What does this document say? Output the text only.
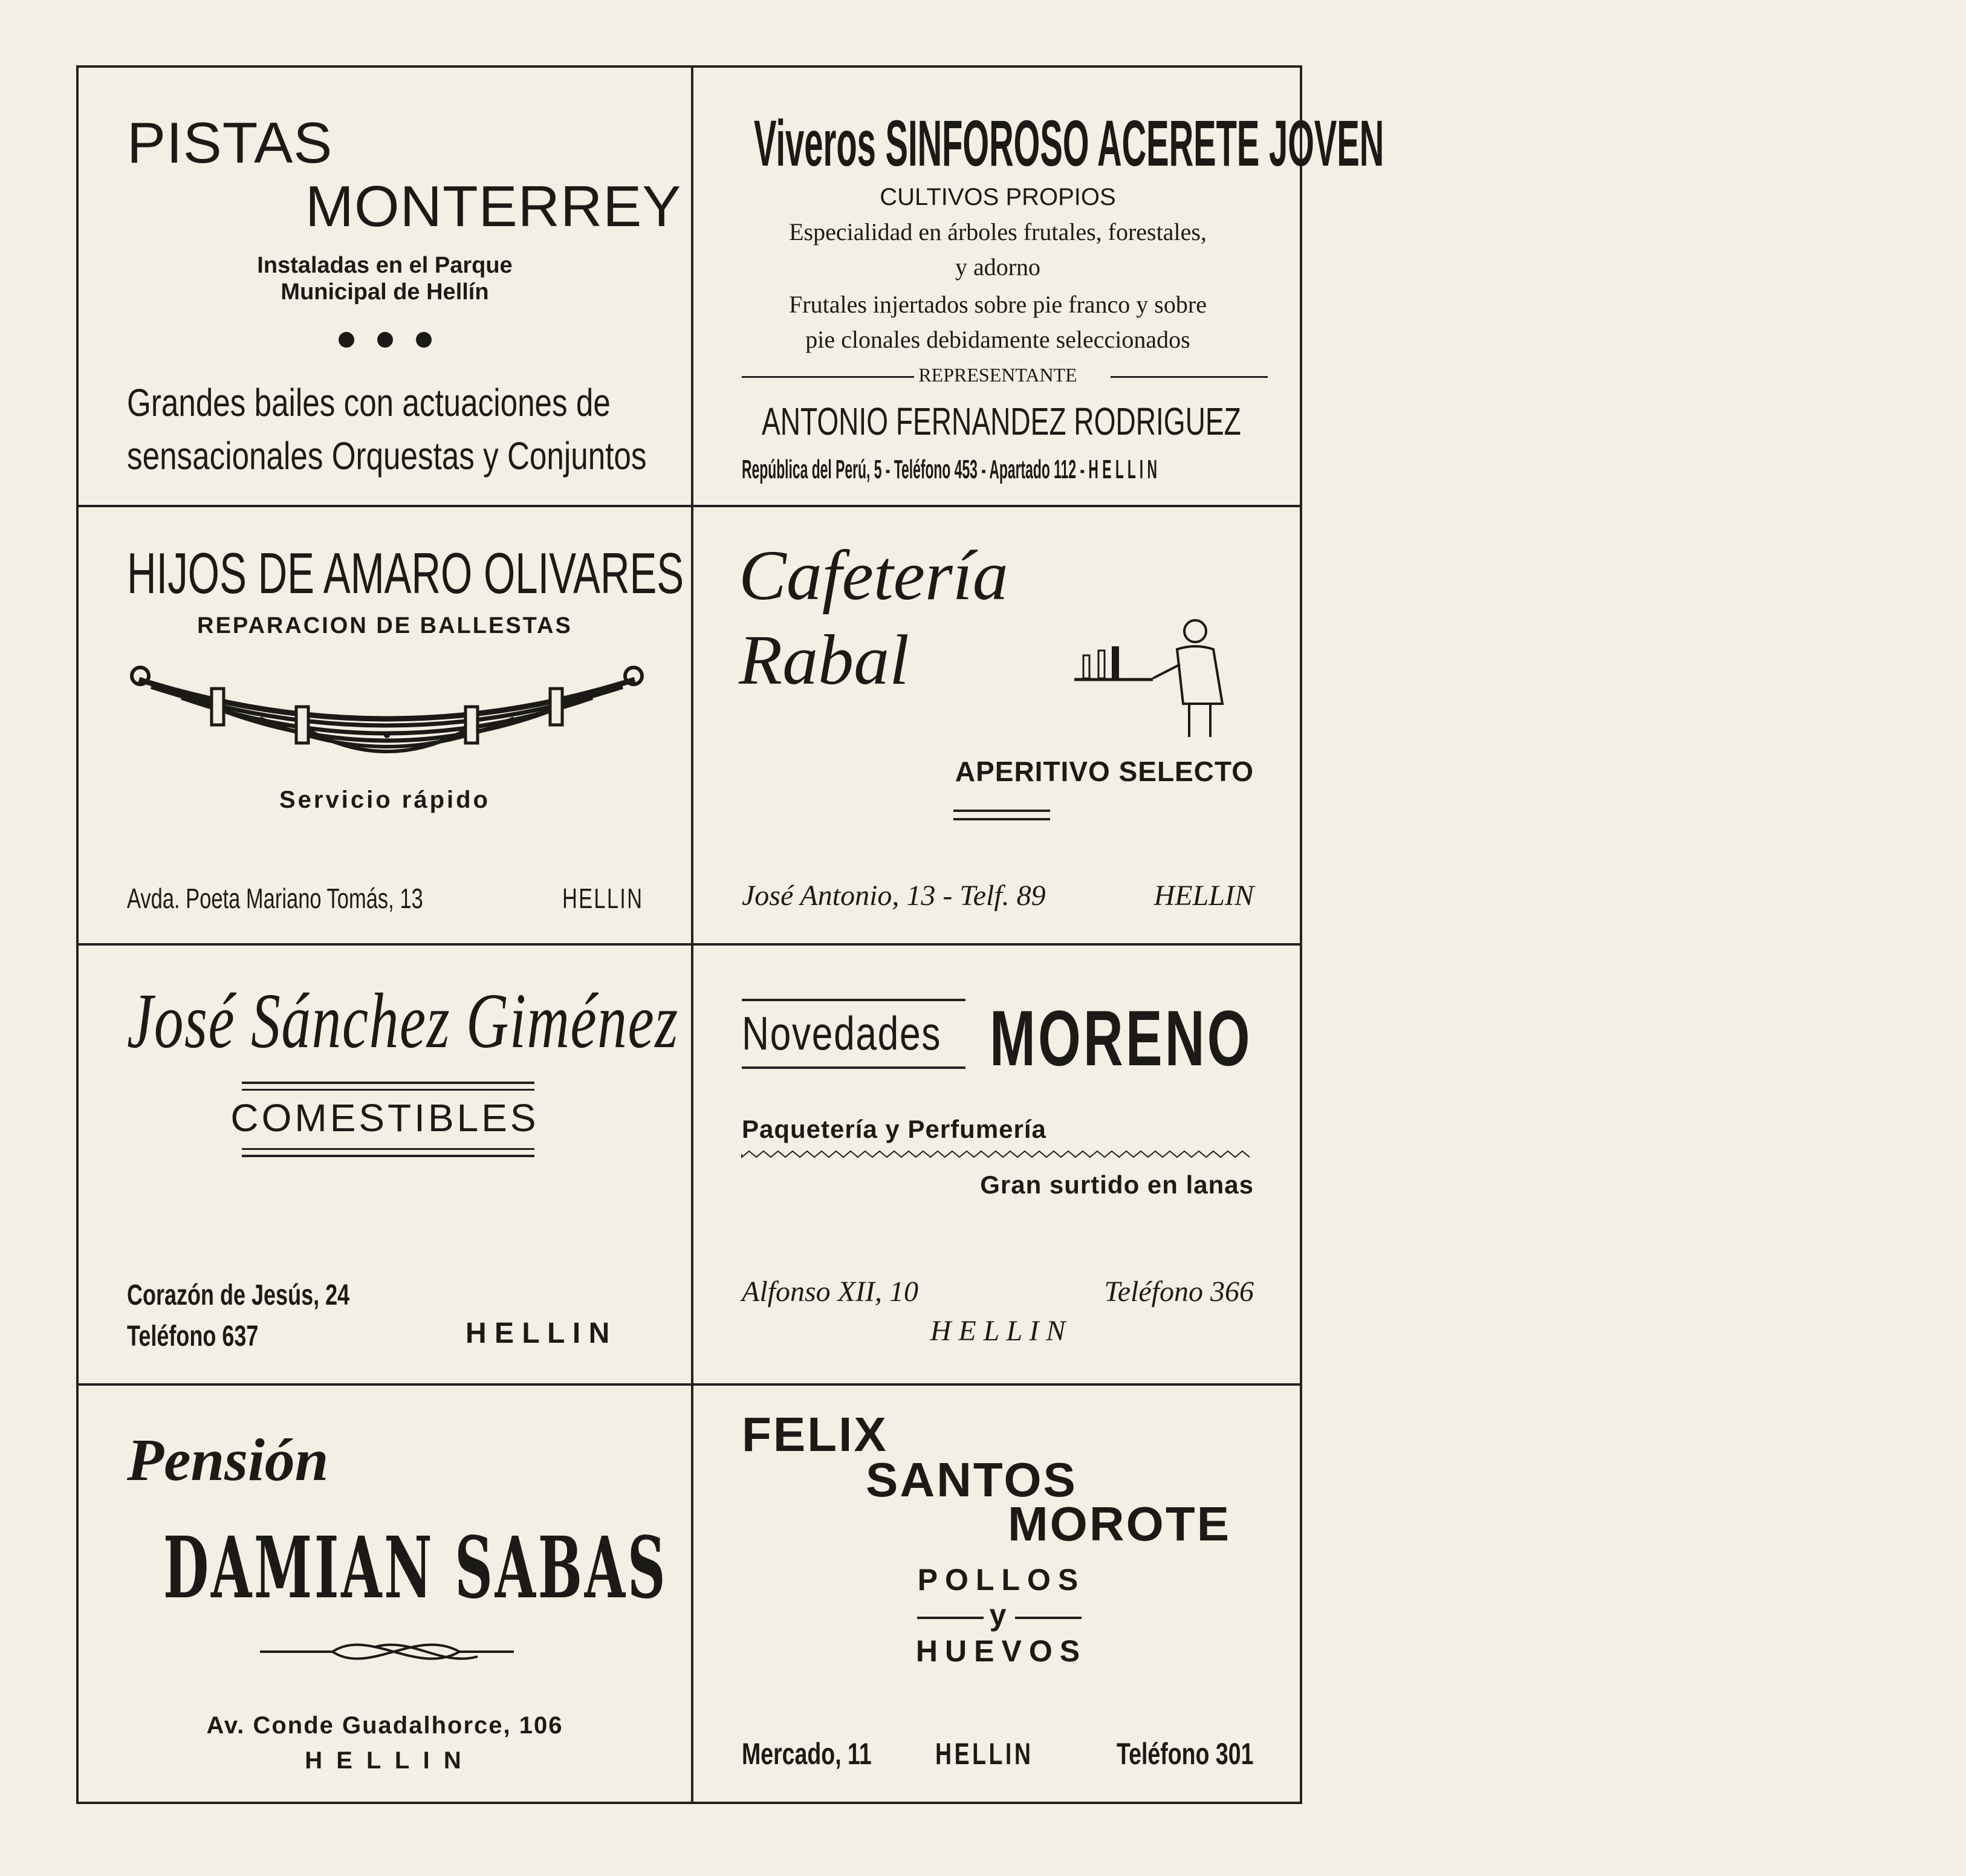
PISTAS
MONTERREY
Instaladas en el Parque
Municipal de Hellín
Grandes bailes con actuaciones de
sensacionales Orquestas y Conjuntos
Viveros SINFOROSO ACERETE JOVEN
CULTIVOS PROPIOS
Especialidad en árboles frutales, forestales,
y adorno
Frutales injertados sobre pie franco y sobre
pie clonales debidamente seleccionados
REPRESENTANTE
ANTONIO FERNANDEZ RODRIGUEZ
República del Perú, 5 - Teléfono 453 - Apartado 112 - H E L L I N
HIJOS DE AMARO OLIVARES
REPARACION DE BALLESTAS
Servicio rápido
Avda. Poeta Mariano Tomás, 13	HELLIN
Cafetería
Rabal
APERITIVO SELECTO
José Antonio, 13 - Telf. 89	HELLIN
José Sánchez Giménez
COMESTIBLES
Corazón de Jesús, 24
Teléfono 637	H E L L I N
Novedades MORENO
Paquetería y Perfumería
Gran surtido en lanas
Alfonso XII, 10	Teléfono 366
H E L L I N
Pensión
DAMIAN SABAS
Av. Conde Guadalhorce, 106
H E L L I N
FELIX
SANTOS
MOROTE
POLLOS
y
HUEVOS
Mercado, 11	HELLIN	Teléfono 301
